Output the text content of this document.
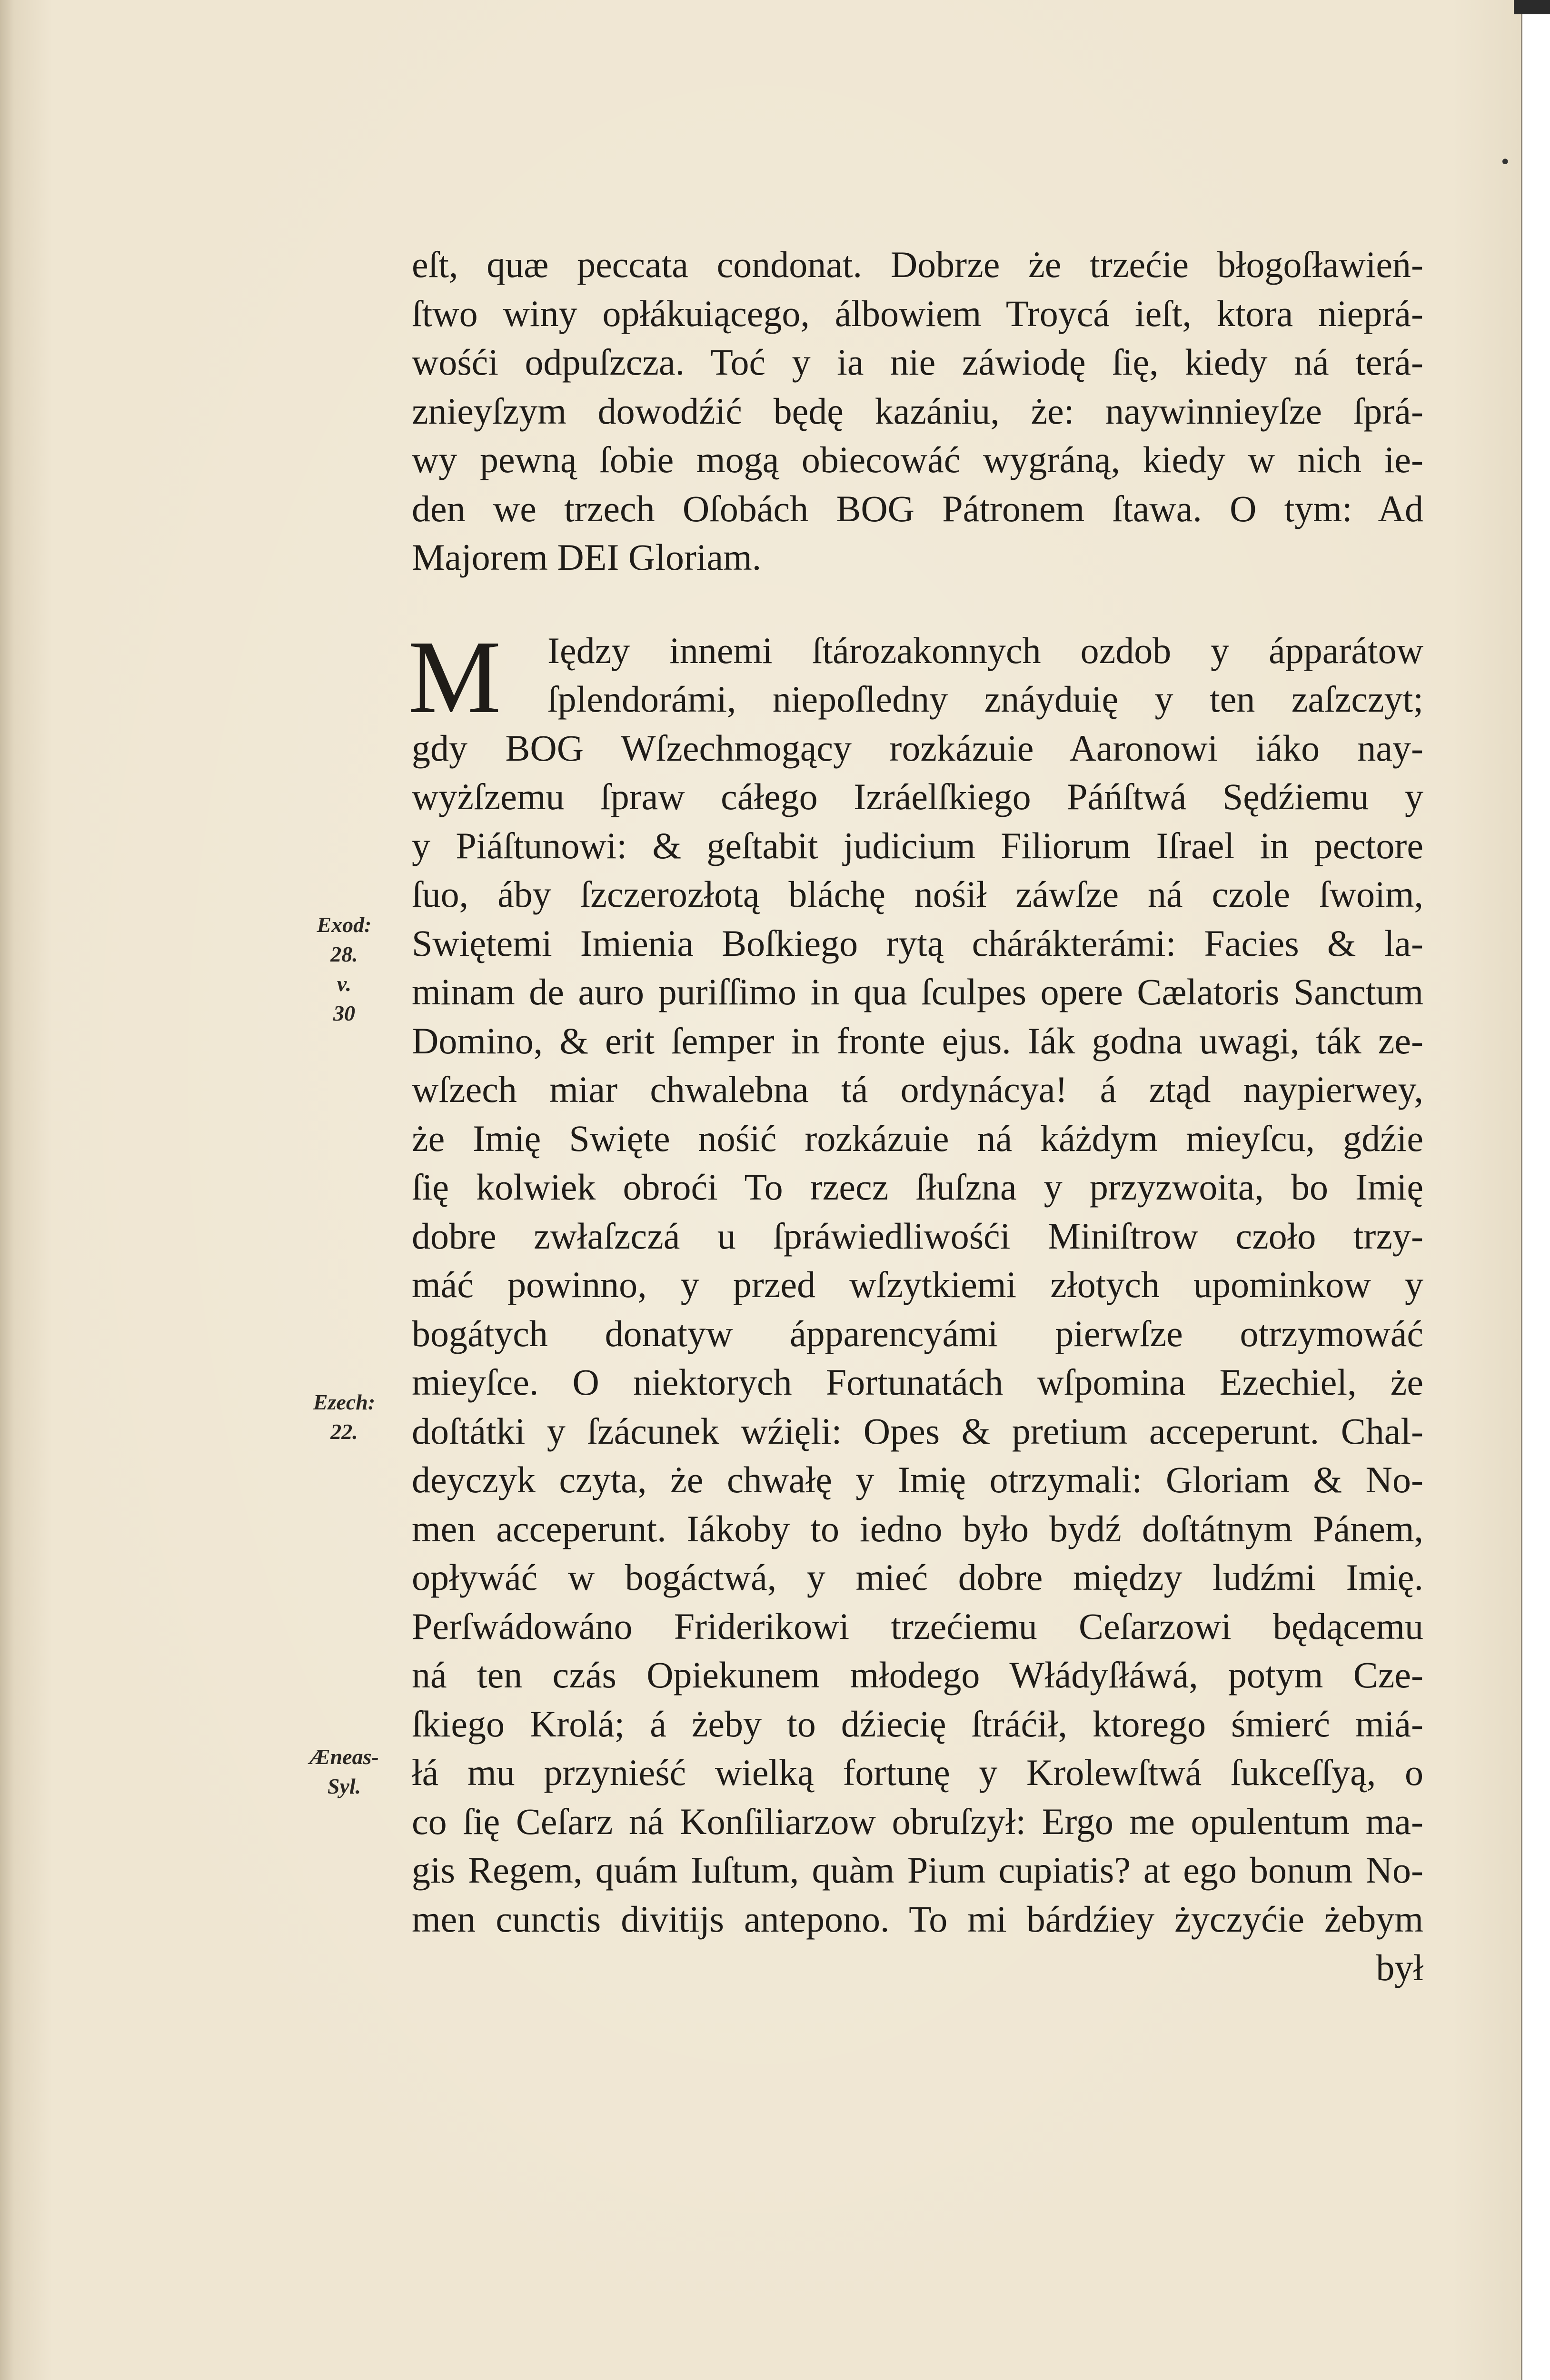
eſt, quæ peccata condonat. Dobrze że trzećie błogoſławień-
ſtwo winy opłákuiącego, álbowiem Troycá ieſt, ktora nieprá-
wośći odpuſzcza. Toć y ia nie záwiodę ſię, kiedy ná terá-
znieyſzym dowodźić będę kazániu, że: naywinnieyſze ſprá-
wy pewną ſobie mogą obiecowáć wygráną, kiedy w nich ie-
den we trzech Oſobách BOG Pátronem ſtawa. O tym: Ad
Majorem DEI Gloriam.
M	Iędzy innemi ſtározakonnych ozdob y ápparátow
ſplendorámi, niepoſledny znáyduię y ten zaſzczyt;
gdy BOG Wſzechmogący rozkázuie Aaronowi iáko nay-
wyżſzemu ſpraw cáłego Izráelſkiego Páńſtwá Sędźiemu y
y Piáſtunowi: & geſtabit judicium Filiorum Iſrael in pectore
ſuo, áby ſzczerozłotą bláchę nośił záwſze ná czole ſwoim,
Swiętemi Imienia Boſkiego rytą chárákterámi: Facies & la-
minam de auro puriſſimo in qua ſculpes opere Cælatoris Sanctum
Domino, & erit ſemper in fronte ejus. Iák godna uwagi, ták ze-
wſzech miar chwalebna tá ordynácya! á ztąd naypierwey,
że Imię Swięte nośić rozkázuie ná káżdym mieyſcu, gdźie
ſię kolwiek obroći To rzecz ſłuſzna y przyzwoita, bo Imię
dobre zwłaſzczá u ſpráwiedliwośći Miniſtrow czoło trzy-
máć powinno, y przed wſzytkiemi złotych upominkow y
bogátych donatyw ápparencyámi pierwſze otrzymowáć
mieyſce. O niektorych Fortunatách wſpomina Ezechiel, że
doſtátki y ſzácunek wźięli: Opes & pretium acceperunt. Chal-
deyczyk czyta, że chwałę y Imię otrzymali: Gloriam & No-
men acceperunt. Iákoby to iedno było bydź doſtátnym Pánem,
opływáć w bogáctwá, y mieć dobre między ludźmi Imię.
Perſwádowáno Friderikowi trzećiemu Ceſarzowi będącemu
ná ten czás Opiekunem młodego Włádyſłáwá, potym Cze-
ſkiego Krolá; á żeby to dźiecię ſtráćił, ktorego śmierć miá-
łá mu przynieść wielką fortunę y Krolewſtwá ſukceſſyą, o
co ſię Ceſarz ná Konſiliarzow obruſzył: Ergo me opulentum ma-
gis Regem, quám Iuſtum, quàm Pium cupiatis? at ego bonum No-
men cunctis divitijs antepono. To mi bárdźiey życzyćie żebym
był
Exod:
28.
v.
30
Ezech:
22.
Æneas-
Syl.
•
